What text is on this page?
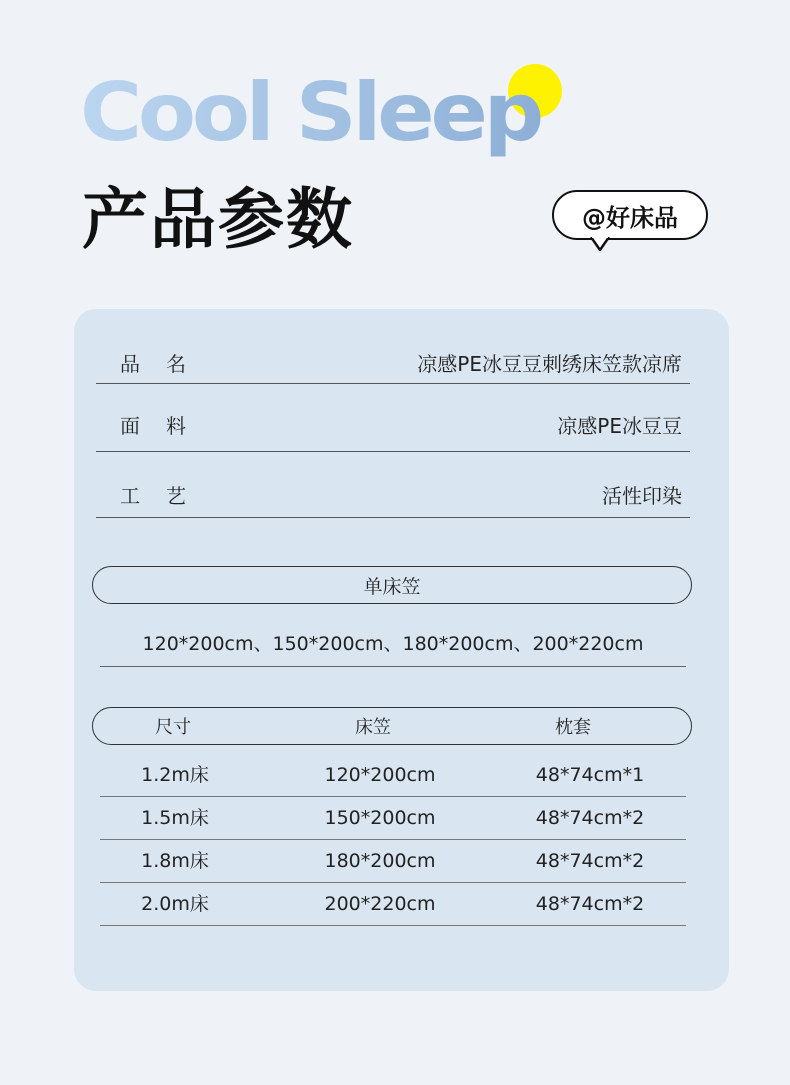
Cool Sleep
产品参数	@好床品
品名	凉感PE冰豆豆刺绣床笠款凉席
面料	凉感PE冰豆豆
工艺	活性印染
单床笠
120*200cm、150*200cm、180*200cm、200*220cm
尺寸	床笠	枕套
1.2m床	120*200cm	48*74cm*1
1.5m床	150*200cm	48*74cm*2
1.8m床	180*200cm	48*74cm*2
2.0m床	200*220cm	48*74cm*2
